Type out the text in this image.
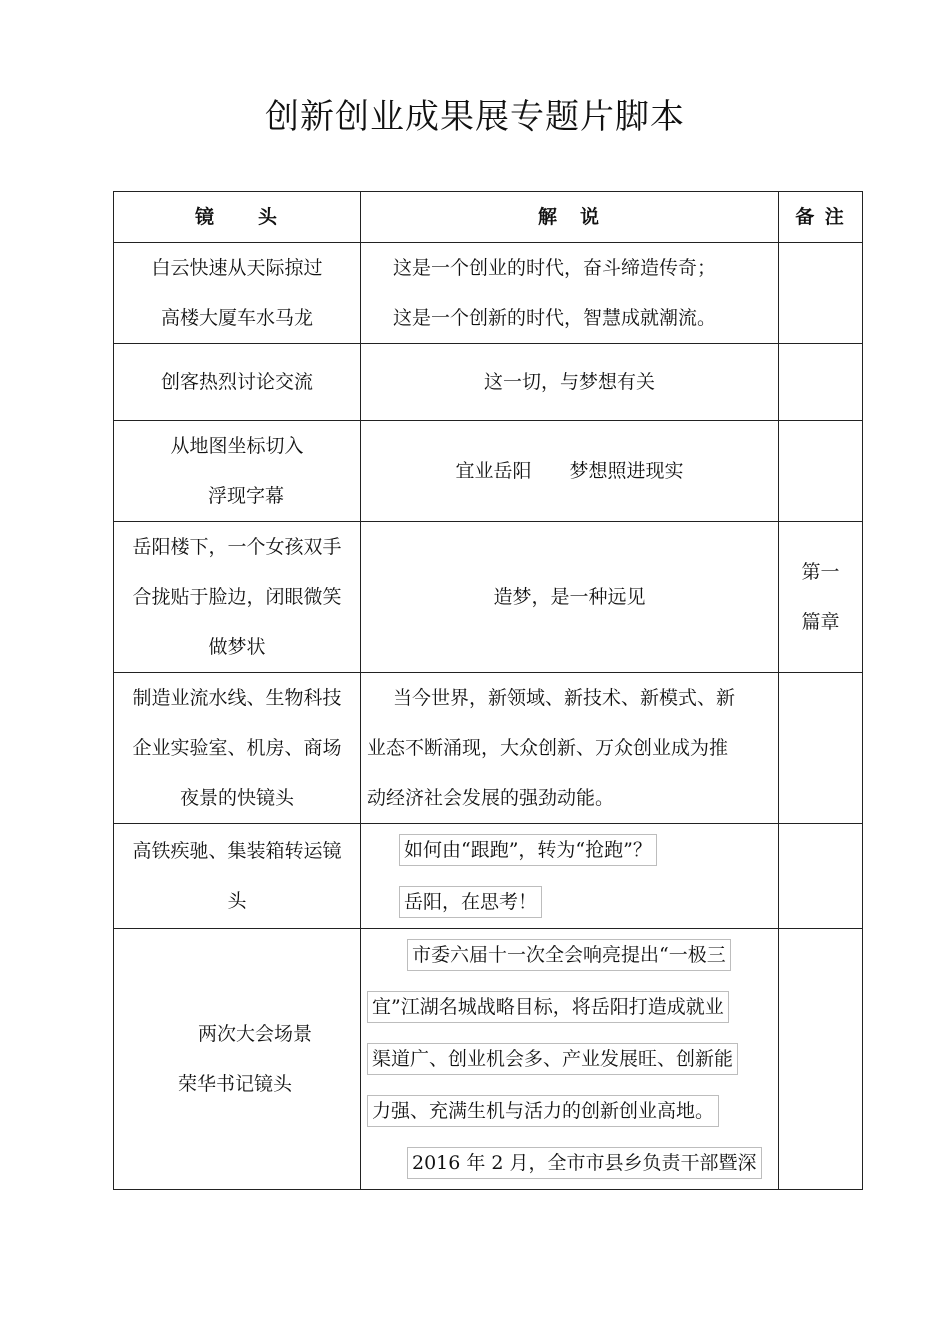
创新创业成果展专题片脚本
镜　　头	解　说	备 注

白云快速从天际掠过
高楼大厦车水马龙	这是一个创业的时代，奋斗缔造传奇；
这是一个创新的时代，智慧成就潮流。	

创客热烈讨论交流	这一切，与梦想有关	

从地图坐标切入
浮现字幕	宜业岳阳　　梦想照进现实	

岳阳楼下，一个女孩双手
合拢贴于脸边，闭眼微笑
做梦状	造梦，是一种远见	第一
篇章

制造业流水线、生物科技
企业实验室、机房、商场
夜景的快镜头	当今世界，新领域、新技术、新模式、新
业态不断涌现，大众创新、万众创业成为推
动经济社会发展的强劲动能。	

高铁疾驰、集装箱转运镜
头	如何由“跟跑”，转为“抢跑”？
岳阳，在思考！	

两次大会场景
荣华书记镜头	市委六届十一次全会响亮提出“一极三
宜”江湖名城战略目标，将岳阳打造成就业
渠道广、创业机会多、产业发展旺、创新能
力强、充满生机与活力的创新创业高地。
2016 年 2 月，全市市县乡负责干部暨深	
